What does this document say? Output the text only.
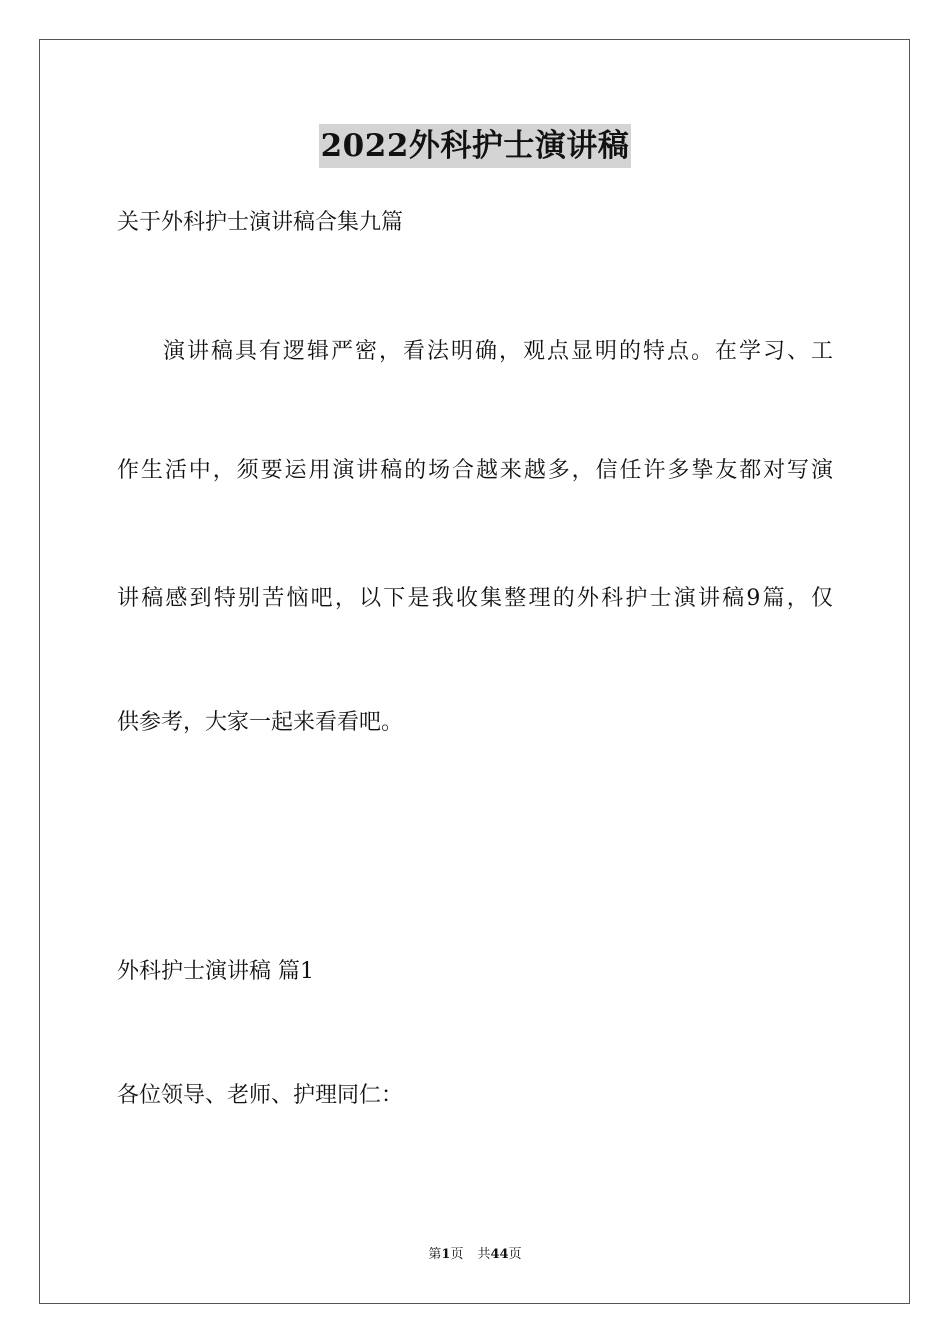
2022外科护士演讲稿
关于外科护士演讲稿合集九篇
演讲稿具有逻辑严密，看法明确，观点显明的特点。在学习、工
作生活中，须要运用演讲稿的场合越来越多，信任许多挚友都对写演
讲稿感到特别苦恼吧，以下是我收集整理的外科护士演讲稿9篇，仅
供参考，大家一起来看看吧。
外科护士演讲稿 篇1
各位领导、老师、护理同仁：
第1页 共44页
